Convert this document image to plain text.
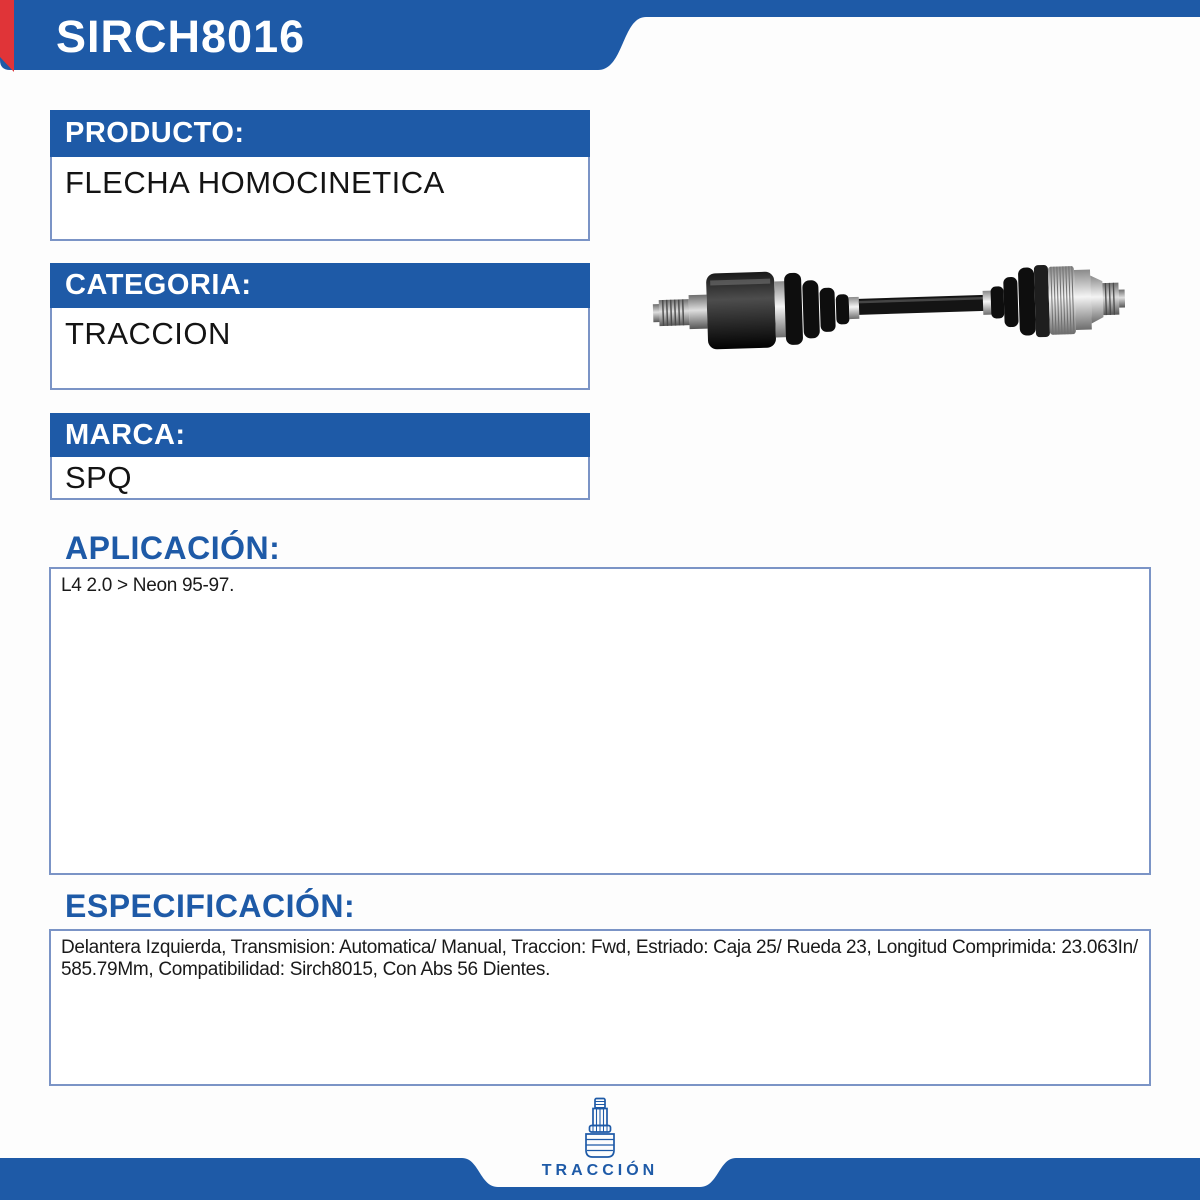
SIRCH8016
PRODUCTO:
FLECHA HOMOCINETICA
CATEGORIA:
TRACCION
MARCA:
SPQ
APLICACIÓN:
L4 2.0 > Neon 95-97.
ESPECIFICACIÓN:
Delantera Izquierda, Transmision: Automatica/ Manual, Traccion: Fwd, Estriado: Caja 25/ Rueda 23, Longitud Comprimida: 23.063In/ 585.79Mm, Compatibilidad: Sirch8015, Con Abs 56 Dientes.
TRACCIÓN
